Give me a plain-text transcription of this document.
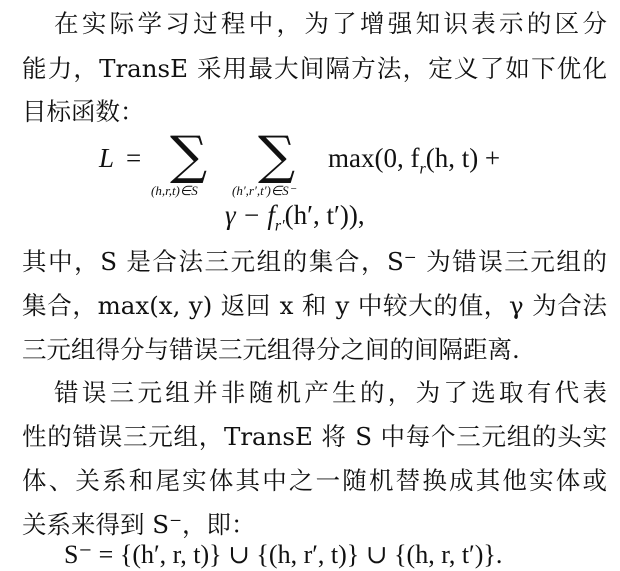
在实际学习过程中，为了增强知识表示的区分
能力，TransE 采用最大间隔方法，定义了如下优化
目标函数：
L = ∑
(h,r,t)∈S
∑
(h′,r′,t′)∈S⁻
max(0, $f_r(h$, t) +
$\gamma - f_{r'}(h'$, t′)),
其中，S 是合法三元组的集合，S⁻ 为错误三元组的
集合，max(x, y) 返回 x 和 y 中较大的值，γ 为合法
三元组得分与错误三元组得分之间的间隔距离.
错误三元组并非随机产生的，为了选取有代表
性的错误三元组，TransE 将 S 中每个三元组的头实
体、关系和尾实体其中之一随机替换成其他实体或
关系来得到 S⁻，即：
S⁻ = {(h′, r, t)} ∪ {(h, r′, t)} ∪ {(h, r, t′)}.
